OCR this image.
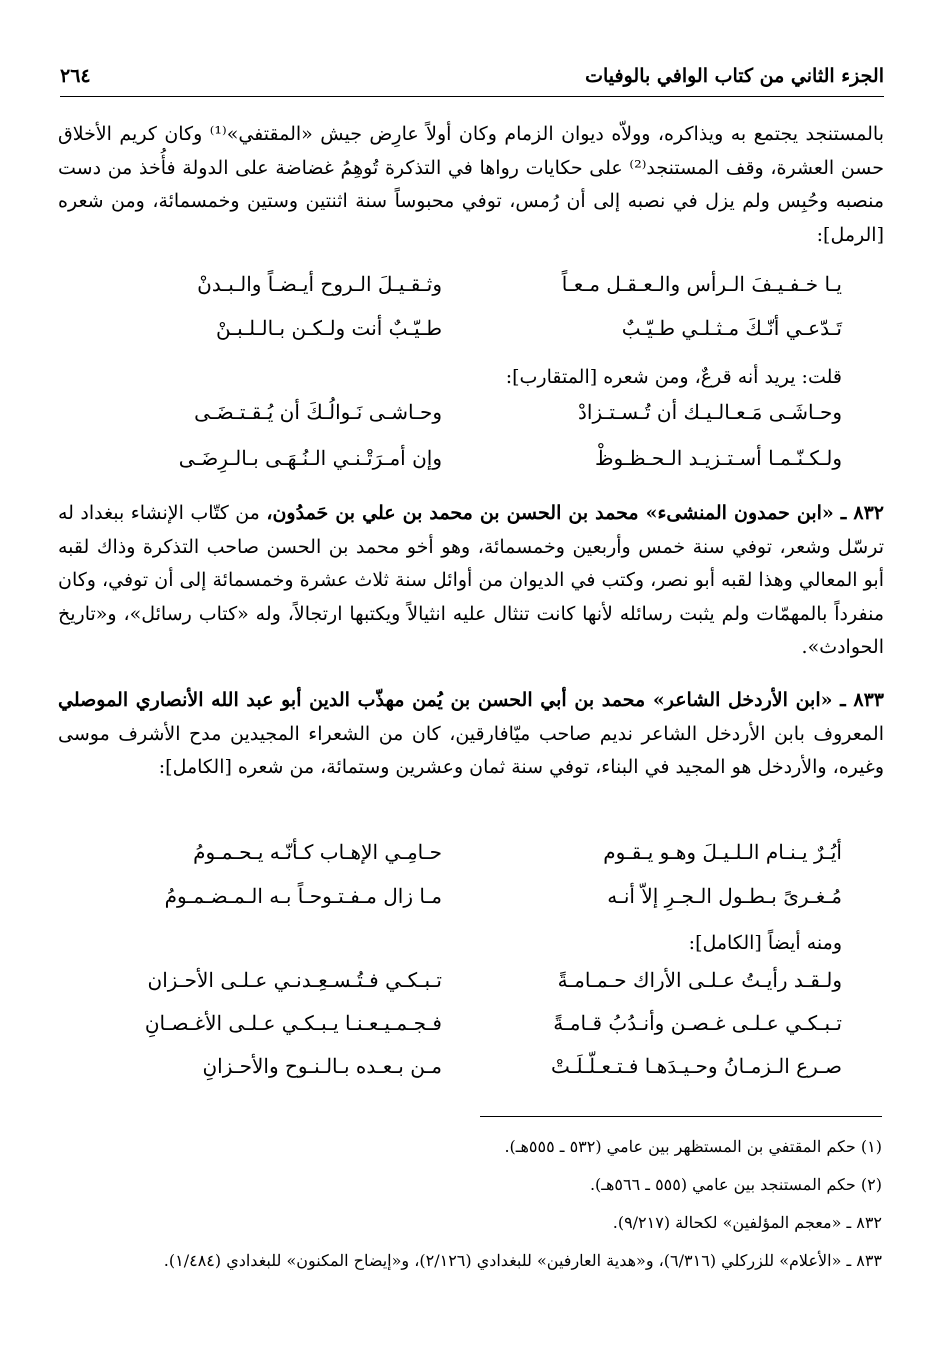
الجزء الثاني من كتاب الوافي بالوفيات
٢٦٤
بالمستنجد يجتمع به ويذاكره، وولاّه ديوان الزمام وكان أولاً عارِض جيش «المقتفي»⁽¹⁾ وكان كريم الأخلاق حسن العشرة، وقف المستنجد⁽²⁾ على حكايات رواها في التذكرة تُوهِمُ غضاضة على الدولة فأُخذ من دست منصبه وحُبِس ولم يزل في نصبه إلى أن رُمس، توفي محبوساً سنة اثنتين وستين وخمسمائة، ومن شعره [الرمل]:
يـا خـفـيـفَ الـرأس والـعـقـل مـعـاً
وثـقـيـلَ الـروح أيـضـاً والـبـدنْ
تَـدّعـي أنّـكَ مـثـلـي طـيّـبٌ
طـيّـبٌ أنت ولـكـن بـالـلـبـنْ
قلت: يريد أنه قرعٌ، ومن شعره [المتقارب]:
وحـاشَـى مَـعـالـيـك أن تُـسـتـزادْ
وحـاشـى نَـوالُـكَ أن يُـقـتـضَـى
ولـكـنّـمـا أسـتـزيـد الـحـظـوظْ
وإن أمـرَتْـنـي الـنُـهَـى بـالـرِضَـى
٨٣٢ ـ «ابن حمدون المنشىء» محمد بن الحسن بن محمد بن علي بن حَمدُون، من كتّاب الإنشاء ببغداد له ترسّل وشعر، توفي سنة خمس وأربعين وخمسمائة، وهو أخو محمد بن الحسن صاحب التذكرة وذاك لقبه أبو المعالي وهذا لقبه أبو نصر، وكتب في الديوان من أوائل سنة ثلاث عشرة وخمسمائة إلى أن توفي، وكان منفرداً بالمهمّات ولم يثبت رسائله لأنها كانت تنثال عليه انثيالاً ويكتبها ارتجالاً، وله «كتاب رسائل»، و«تاريخ الحوادث».
٨٣٣ ـ «ابن الأردخل الشاعر» محمد بن أبي الحسن بن يُمن مهذّب الدين أبو عبد الله الأنصاري الموصلي المعروف بابن الأردخل الشاعر نديم صاحب ميّافارقين، كان من الشعراء المجيدين مدح الأشرف موسى وغيره، والأردخل هو المجيد في البناء، توفي سنة ثمان وعشرين وستمائة، من شعره [الكامل]:
أيُـرٌ يـنـام الـلـيـلَ وهـو يـقـوم
حـامِـي الإهـاب كـأنّـه يـحـمـومُ
مُـغـرىً بـطـول الـجـرِ إلاّ أنـه
مـا زال مـفـتـوحـاً بـه الـمـضـمـومُ
ومنه أيضاً [الكامل]:
ولـقـد رأيـتُ عـلـى الأراك حـمـامـةً
تـبـكـي فـتُـسـعِـدنـي عـلـى الأحـزان
تـبـكـي عـلـى غـصـن وأنـدُبُ قـامـةً
فـجـمـيـعـنـا يـبـكـي عـلـى الأغـصـانِ
صـرع الـزمـانُ وحـيـدَهـا فـتـعـلّـلَـتْ
مـن بـعـده بـالـنـوح والأحـزانِ
(١) حكم المقتفي بن المستظهر بين عامي (٥٣٢ ـ ٥٥٥هـ).
(٢) حكم المستنجد بين عامي (٥٥٥ ـ ٥٦٦هـ).
٨٣٢ ـ «معجم المؤلفين» لكحالة (٩/٢١٧).
٨٣٣ ـ «الأعلام» للزركلي (٦/٣١٦)، و«هدية العارفين» للبغدادي (٢/١٢٦)، و«إيضاح المكنون» للبغدادي (١/٤٨٤).
